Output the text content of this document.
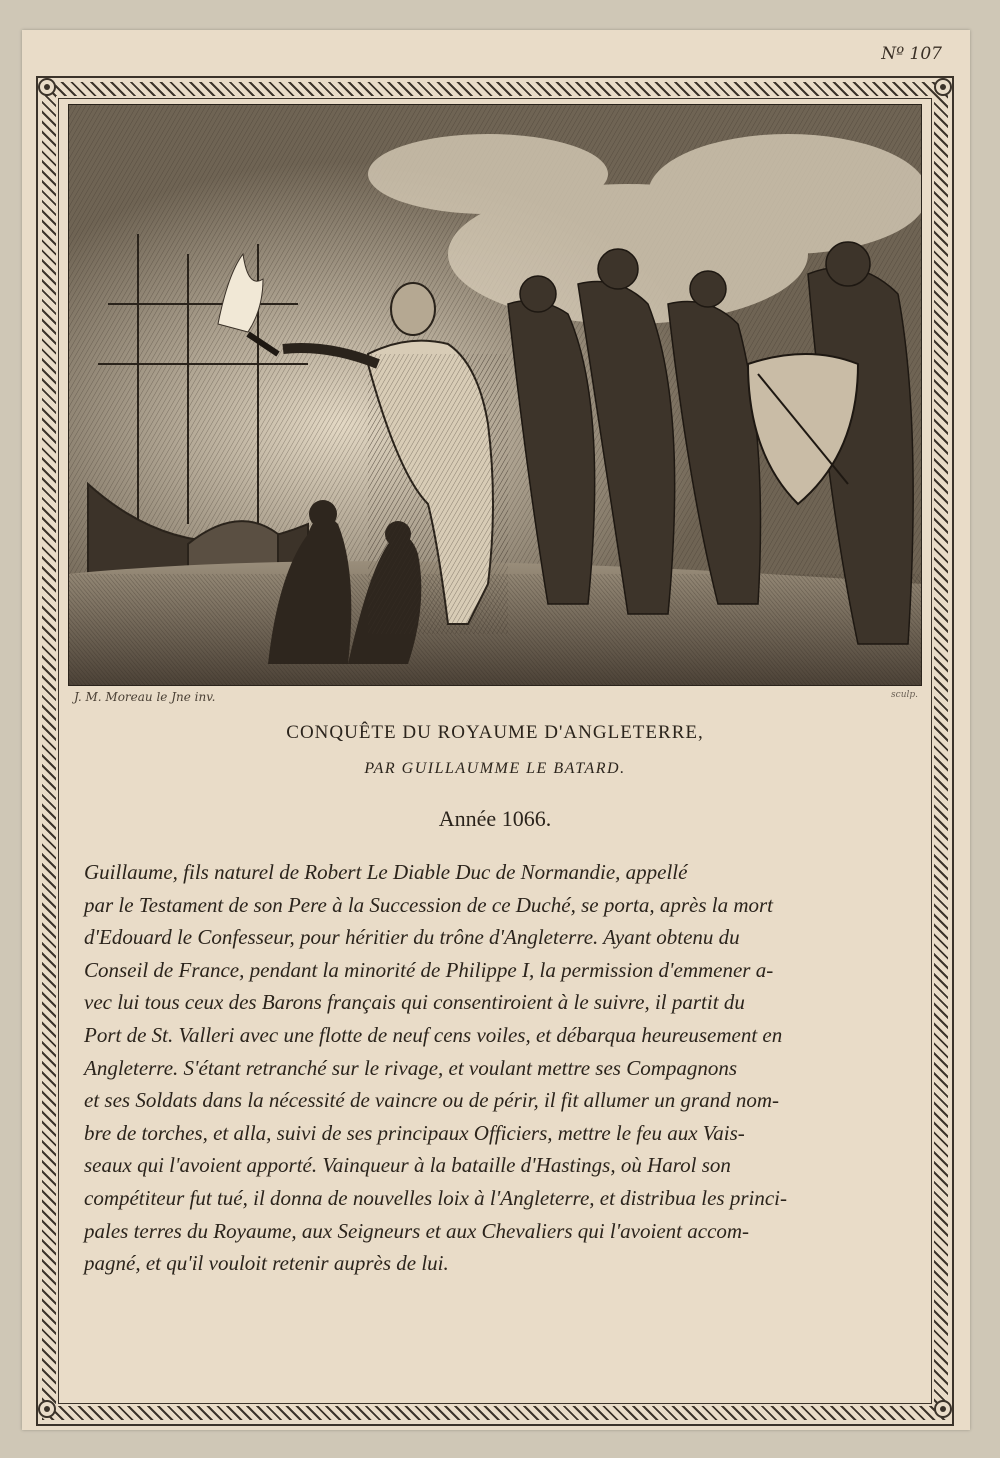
Nº 107
J. M. Moreau le Jne inv.	sculp.
CONQUÊTE DU ROYAUME D'ANGLETERRE,
PAR GUILLAUMME LE BATARD.
Année 1066.
Guillaume, fils naturel de Robert Le Diable Duc de Normandie, appellé
par le Testament de son Pere à la Succession de ce Duché, se porta, après la mort
d'Edouard le Confesseur, pour héritier du trône d'Angleterre. Ayant obtenu du
Conseil de France, pendant la minorité de Philippe I, la permission d'emmener a-
vec lui tous ceux des Barons français qui consentiroient à le suivre, il partit du
Port de St. Valleri avec une flotte de neuf cens voiles, et débarqua heureusement en
Angleterre. S'étant retranché sur le rivage, et voulant mettre ses Compagnons
et ses Soldats dans la nécessité de vaincre ou de périr, il fit allumer un grand nom-
bre de torches, et alla, suivi de ses principaux Officiers, mettre le feu aux Vais-
seaux qui l'avoient apporté. Vainqueur à la bataille d'Hastings, où Harol son
compétiteur fut tué, il donna de nouvelles loix à l'Angleterre, et distribua les princi-
pales terres du Royaume, aux Seigneurs et aux Chevaliers qui l'avoient accom-
pagné, et qu'il vouloit retenir auprès de lui.
